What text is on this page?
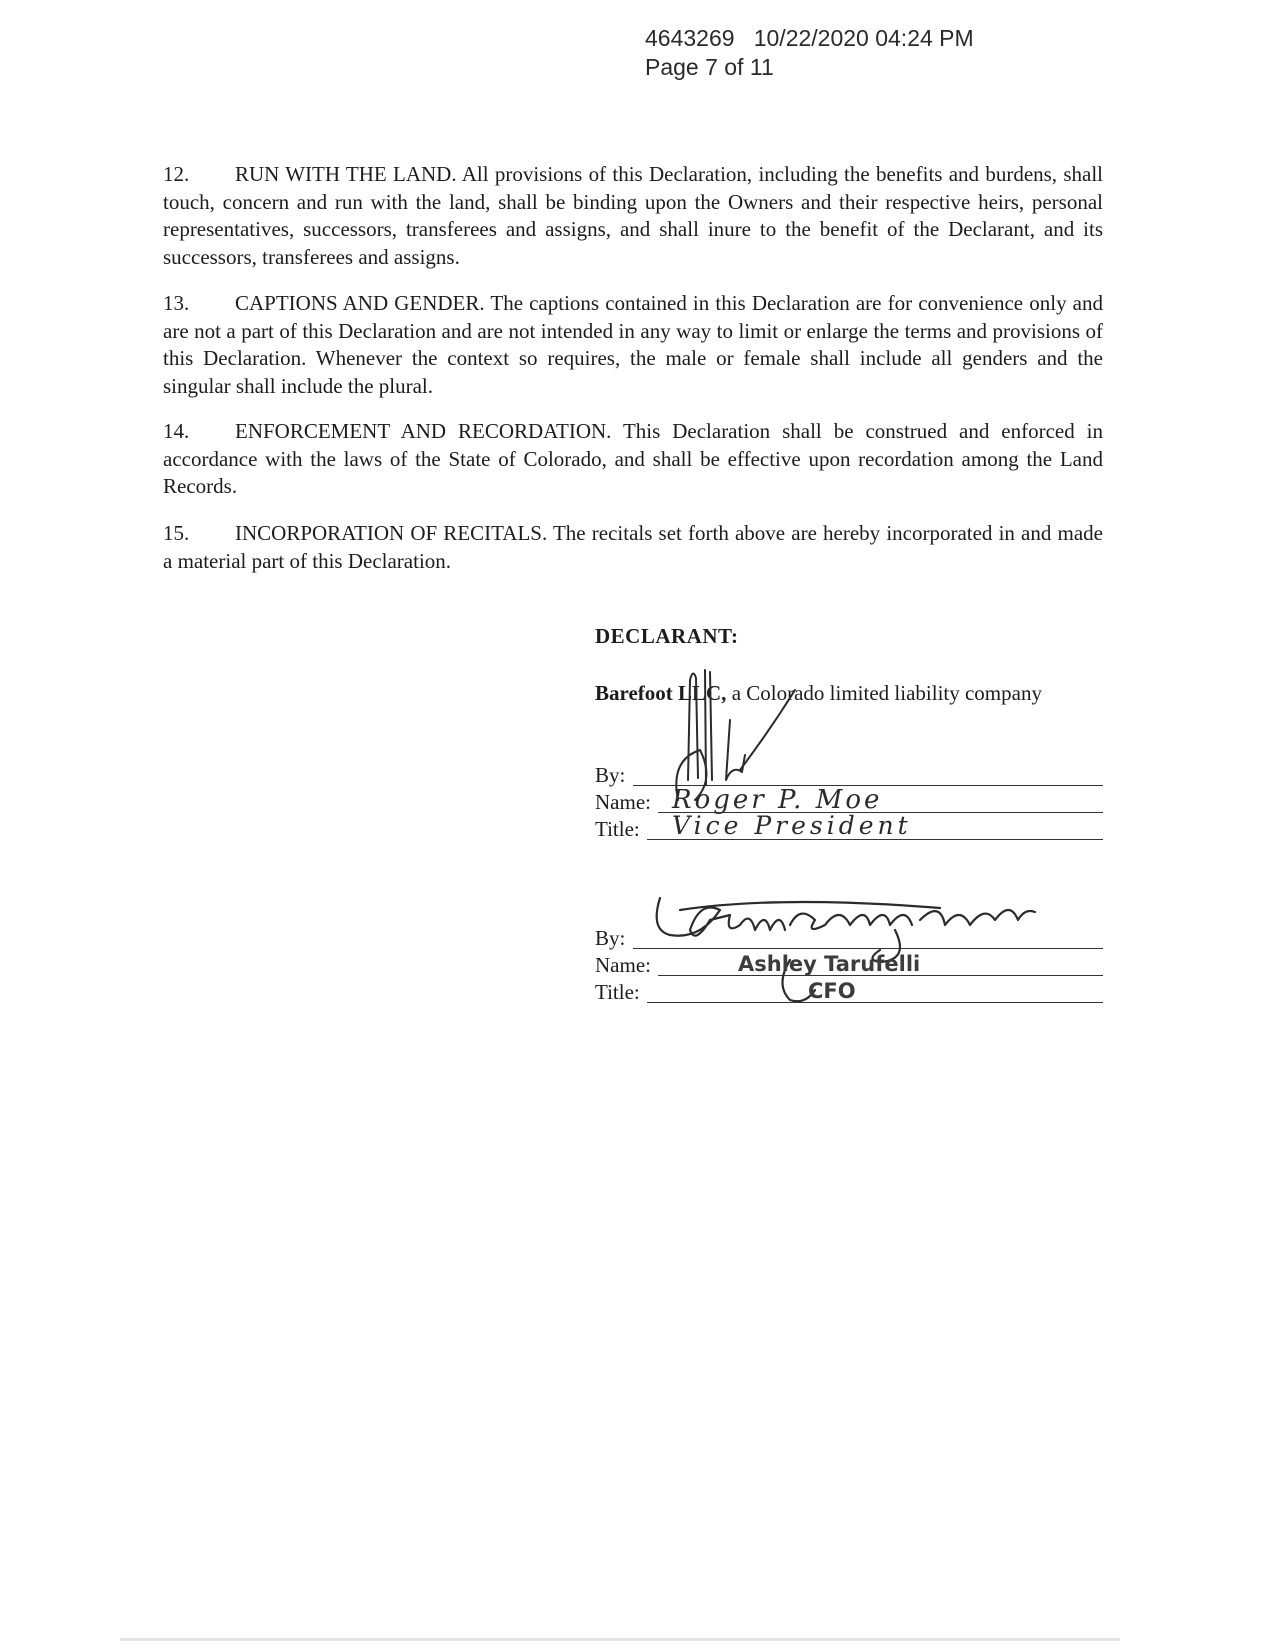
4643269 10/22/2020 04:24 PM
Page 7 of 11

12. RUN WITH THE LAND. All provisions of this Declaration, including the benefits and burdens, shall touch, concern and run with the land, shall be binding upon the Owners and their respective heirs, personal representatives, successors, transferees and assigns, and shall inure to the benefit of the Declarant, and its successors, transferees and assigns.

13. CAPTIONS AND GENDER. The captions contained in this Declaration are for convenience only and are not a part of this Declaration and are not intended in any way to limit or enlarge the terms and provisions of this Declaration. Whenever the context so requires, the male or female shall include all genders and the singular shall include the plural.

14. ENFORCEMENT AND RECORDATION. This Declaration shall be construed and enforced in accordance with the laws of the State of Colorado, and shall be effective upon recordation among the Land Records.

15. INCORPORATION OF RECITALS. The recitals set forth above are hereby incorporated in and made a material part of this Declaration.

DECLARANT:
Barefoot LLC, a Colorado limited liability company
By:
Name:
Title:
Roger P. Moe
Vice President
By:
Name:
Title:
Ashley Tarufelli
CFO
